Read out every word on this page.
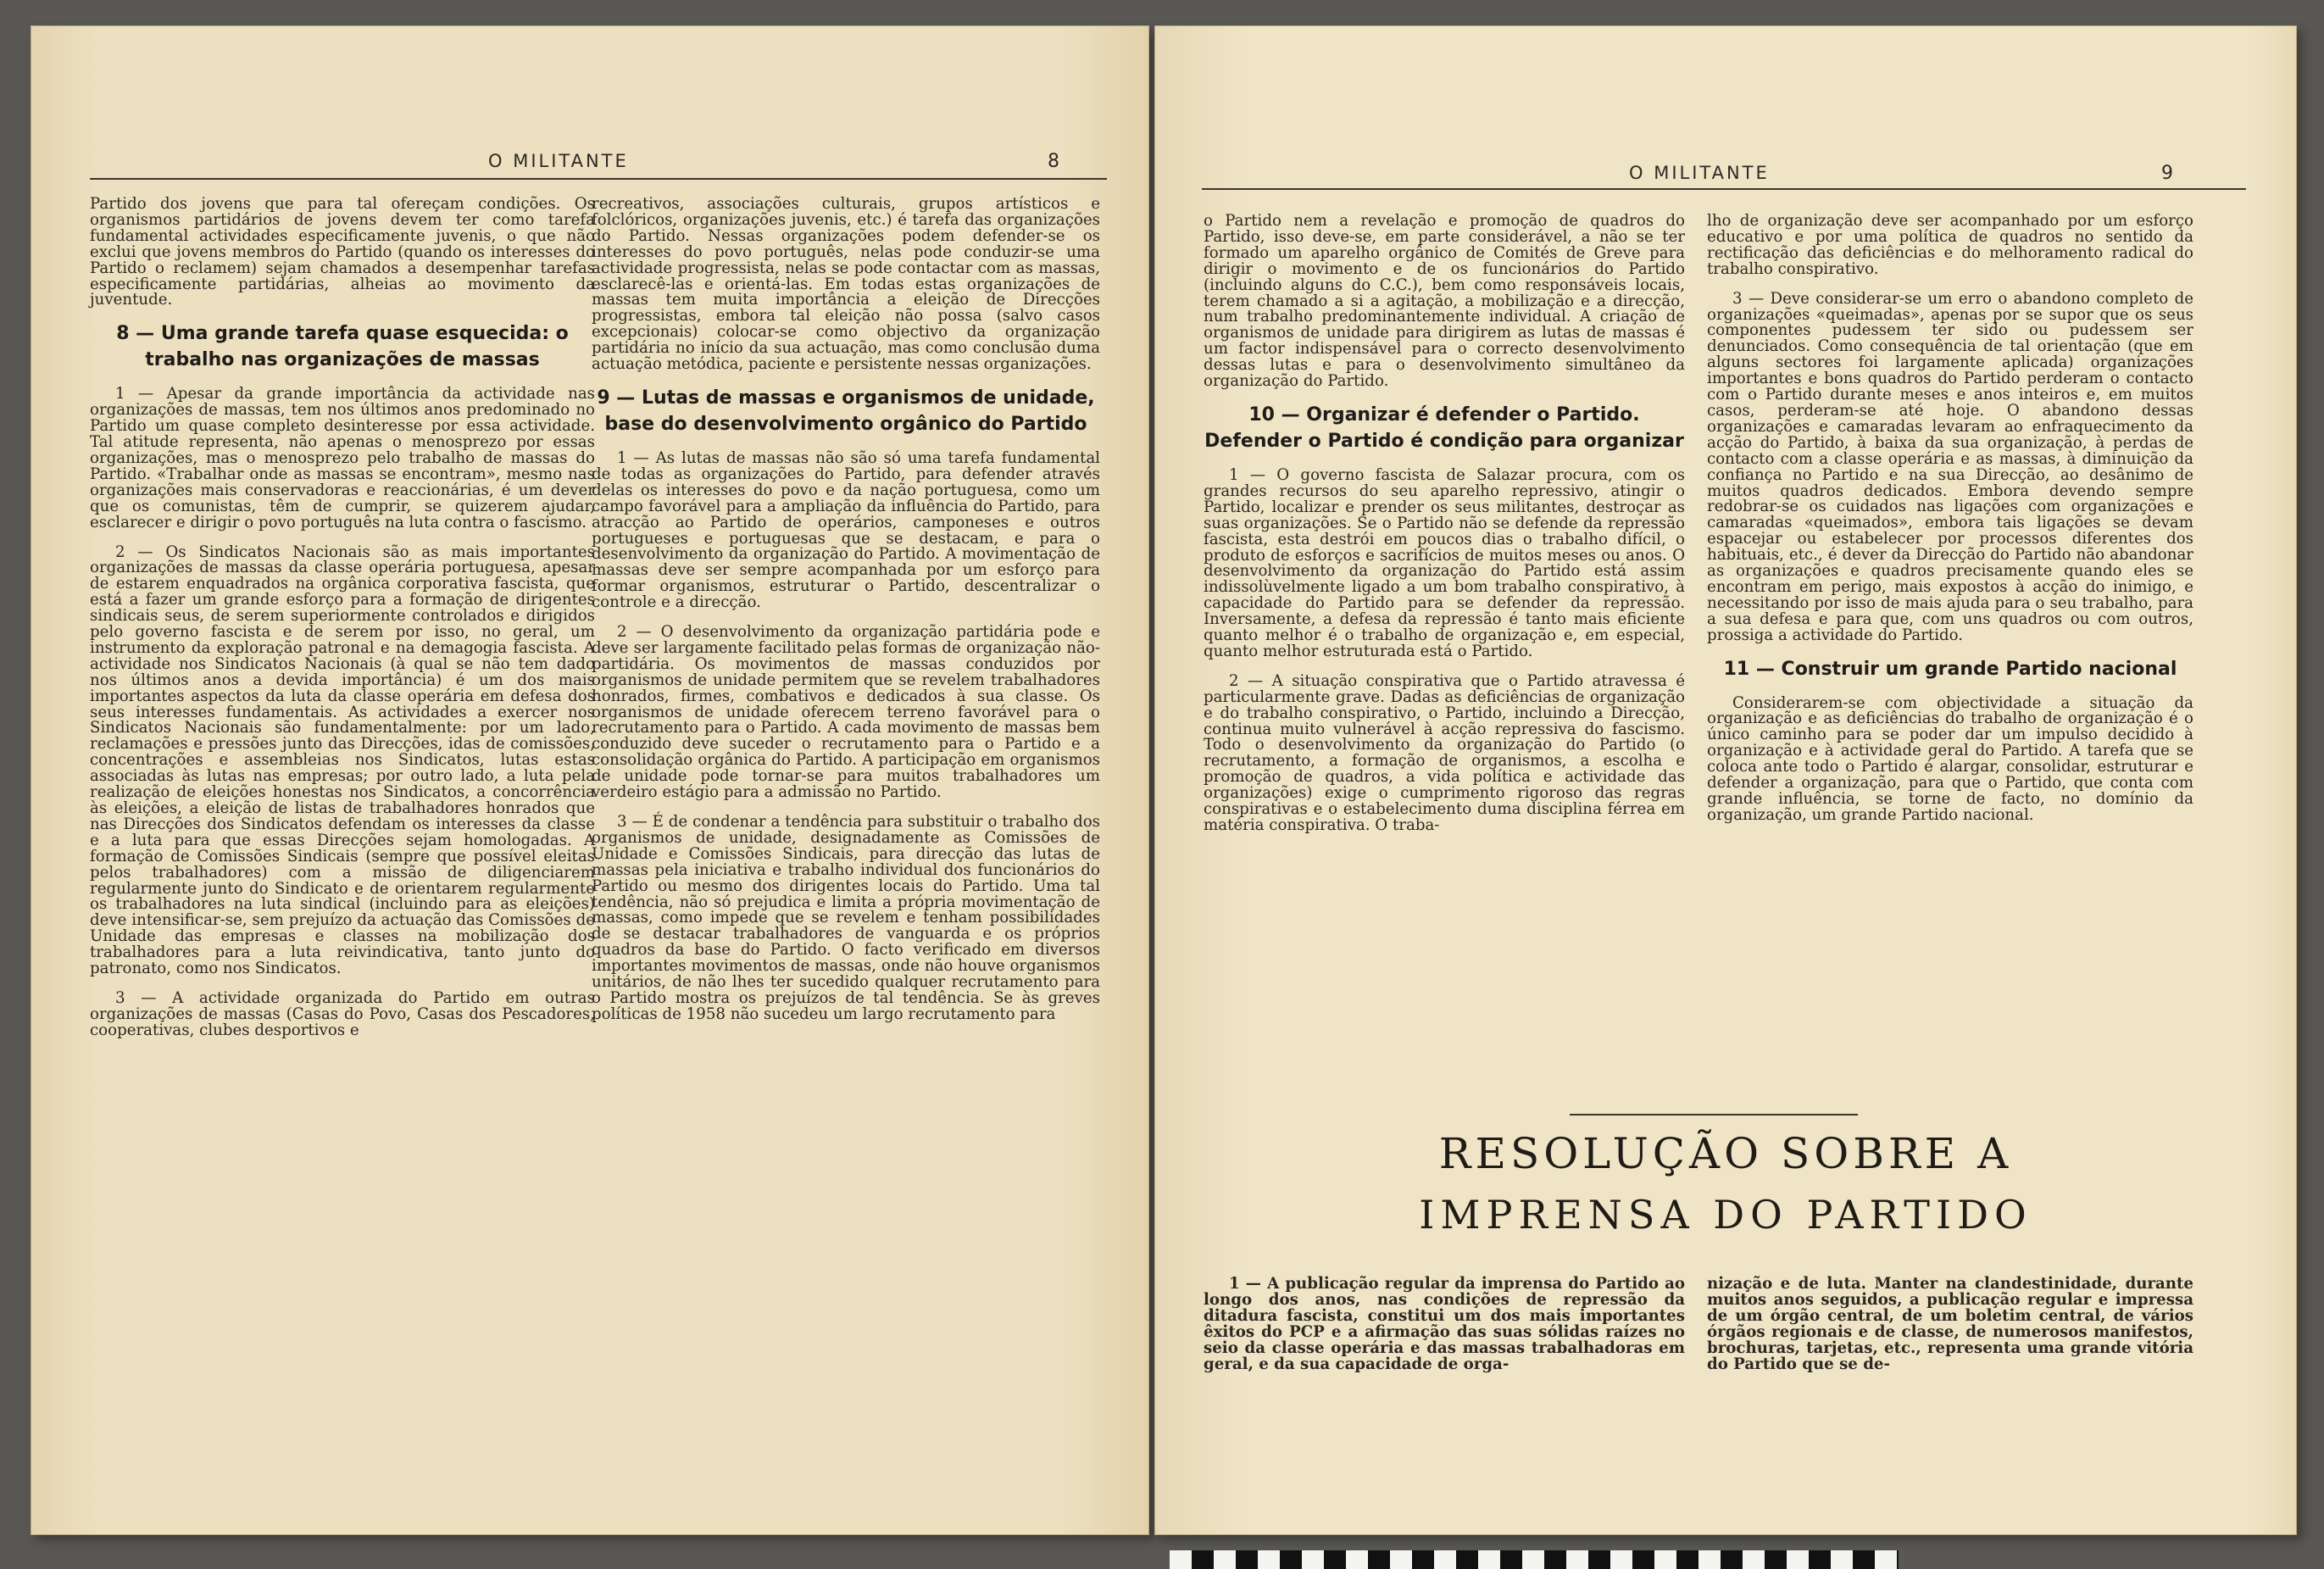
O MILITANTE	8

Partido dos jovens que para tal ofereçam condições. Os organismos partidários de jovens devem ter como tarefa fundamental actividades especificamente juvenis, o que não exclui que jovens membros do Partido (quando os interesses do Partido o reclamem) sejam chamados a desempenhar tarefas especificamente partidárias, alheias ao movimento da juventude.

8 — Uma grande tarefa quase esquecida: o trabalho nas organizações de massas

1 — Apesar da grande importância da actividade nas organizações de massas, tem nos últimos anos predominado no Partido um quase completo desinteresse por essa actividade. Tal atitude representa, não apenas o menosprezo por essas organizações, mas o menosprezo pelo trabalho de massas do Partido. «Trabalhar onde as massas se encontram», mesmo nas organizações mais conservadoras e reaccionárias, é um dever que os comunistas, têm de cumprir, se quizerem ajudar, esclarecer e dirigir o povo português na luta contra o fascismo.

2 — Os Sindicatos Nacionais são as mais importantes organizações de massas da classe operária portuguesa, apesar de estarem enquadrados na orgânica corporativa fascista, que está a fazer um grande esforço para a formação de dirigentes sindicais seus, de serem superiormente controlados e dirigidos pelo governo fascista e de serem por isso, no geral, um instrumento da exploração patronal e na demagogia fascista. A actividade nos Sindicatos Nacionais (à qual se não tem dado nos últimos anos a devida importância) é um dos mais importantes aspectos da luta da classe operária em defesa dos seus interesses fundamentais. As actividades a exercer nos Sindicatos Nacionais são fundamentalmente: por um lado, reclamações e pressões junto das Direcções, idas de comissões, concentrações e assembleias nos Sindicatos, lutas estas associadas às lutas nas empresas; por outro lado, a luta pela realização de eleições honestas nos Sindicatos, a concorrência às eleições, a eleição de listas de trabalhadores honrados que nas Direcções dos Sindicatos defendam os interesses da classe e a luta para que essas Direcções sejam homologadas. A formação de Comissões Sindicais (sempre que possível eleitas pelos trabalhadores) com a missão de diligenciarem regularmente junto do Sindicato e de orientarem regularmente os trabalhadores na luta sindical (incluindo para as eleições) deve intensificar-se, sem prejuízo da actuação das Comissões de Unidade das empresas e classes na mobilização dos trabalhadores para a luta reivindicativa, tanto junto do patronato, como nos Sindicatos.

3 — A actividade organizada do Partido em outras organizações de massas (Casas do Povo, Casas dos Pescadores, cooperativas, clubes desportivos e

recreativos, associações culturais, grupos artísticos e folclóricos, organizações juvenis, etc.) é tarefa das organizações do Partido. Nessas organizações podem defender-se os interesses do povo português, nelas pode conduzir-se uma actividade progressista, nelas se pode contactar com as massas, esclarecê-las e orientá-las. Em todas estas organizações de massas tem muita importância a eleição de Direcções progressistas, embora tal eleição não possa (salvo casos excepcionais) colocar-se como objectivo da organização partidária no início da sua actuação, mas como conclusão duma actuação metódica, paciente e persistente nessas organizações.

9 — Lutas de massas e organismos de unidade, base do desenvolvimento orgânico do Partido

1 — As lutas de massas não são só uma tarefa fundamental de todas as organizações do Partido, para defender através delas os interesses do povo e da nação portuguesa, como um campo favorável para a ampliação da influência do Partido, para atracção ao Partido de operários, camponeses e outros portugueses e portuguesas que se destacam, e para o desenvolvimento da organização do Partido. A movimentação de massas deve ser sempre acompanhada por um esforço para formar organismos, estruturar o Partido, descentralizar o controle e a direcção.

2 — O desenvolvimento da organização partidária pode e deve ser largamente facilitado pelas formas de organização não-partidária. Os movimentos de massas conduzidos por organismos de unidade permitem que se revelem trabalhadores honrados, firmes, combativos e dedicados à sua classe. Os organismos de unidade oferecem terreno favorável para o recrutamento para o Partido. A cada movimento de massas bem conduzido deve suceder o recrutamento para o Partido e a consolidação orgânica do Partido. A participação em organismos de unidade pode tornar-se para muitos trabalhadores um verdeiro estágio para a admissão no Partido.

3 — É de condenar a tendência para substituir o trabalho dos organismos de unidade, designadamente as Comissões de Unidade e Comissões Sindicais, para direcção das lutas de massas pela iniciativa e trabalho individual dos funcionários do Partido ou mesmo dos dirigentes locais do Partido. Uma tal tendência, não só prejudica e limita a própria movimentação de massas, como impede que se revelem e tenham possibilidades de se destacar trabalhadores de vanguarda e os próprios quadros da base do Partido. O facto verificado em diversos importantes movimentos de massas, onde não houve organismos unitários, de não lhes ter sucedido qualquer recrutamento para o Partido mostra os prejuízos de tal tendência. Se às greves políticas de 1958 não sucedeu um largo recrutamento para

O MILITANTE	9

o Partido nem a revelação e promoção de quadros do Partido, isso deve-se, em parte considerável, a não se ter formado um aparelho orgânico de Comités de Greve para dirigir o movimento e de os funcionários do Partido (incluindo alguns do C.C.), bem como responsáveis locais, terem chamado a si a agitação, a mobilização e a direcção, num trabalho predominantemente individual. A criação de organismos de unidade para dirigirem as lutas de massas é um factor indispensável para o correcto desenvolvimento dessas lutas e para o desenvolvimento simultâneo da organização do Partido.

10 — Organizar é defender o Partido. Defender o Partido é condição para organizar

1 — O governo fascista de Salazar procura, com os grandes recursos do seu aparelho repressivo, atingir o Partido, localizar e prender os seus militantes, destroçar as suas organizações. Se o Partido não se defende da repressão fascista, esta destrói em poucos dias o trabalho difícil, o produto de esforços e sacrifícios de muitos meses ou anos. O desenvolvimento da organização do Partido está assim indissolùvelmente ligado a um bom trabalho conspirativo, à capacidade do Partido para se defender da repressão. Inversamente, a defesa da repressão é tanto mais eficiente quanto melhor é o trabalho de organização e, em especial, quanto melhor estruturada está o Partido.

2 — A situação conspirativa que o Partido atravessa é particularmente grave. Dadas as deficiências de organização e do trabalho conspirativo, o Partido, incluindo a Direcção, continua muito vulnerável à acção repressiva do fascismo. Todo o desenvolvimento da organização do Partido (o recrutamento, a formação de organismos, a escolha e promoção de quadros, a vida política e actividade das organizações) exige o cumprimento rigoroso das regras conspirativas e o estabelecimento duma disciplina férrea em matéria conspirativa. O traba-

lho de organização deve ser acompanhado por um esforço educativo e por uma política de quadros no sentido da rectificação das deficiências e do melhoramento radical do trabalho conspirativo.

3 — Deve considerar-se um erro o abandono completo de organizações «queimadas», apenas por se supor que os seus componentes pudessem ter sido ou pudessem ser denunciados. Como consequência de tal orientação (que em alguns sectores foi largamente aplicada) organizações importantes e bons quadros do Partido perderam o contacto com o Partido durante meses e anos inteiros e, em muitos casos, perderam-se até hoje. O abandono dessas organizações e camaradas levaram ao enfraquecimento da acção do Partido, à baixa da sua organização, à perdas de contacto com a classe operária e as massas, à diminuição da confiança no Partido e na sua Direcção, ao desânimo de muitos quadros dedicados. Embora devendo sempre redobrar-se os cuidados nas ligações com organizações e camaradas «queimados», embora tais ligações se devam espacejar ou estabelecer por processos diferentes dos habituais, etc., é dever da Direcção do Partido não abandonar as organizações e quadros precisamente quando eles se encontram em perigo, mais expostos à acção do inimigo, e necessitando por isso de mais ajuda para o seu trabalho, para a sua defesa e para que, com uns quadros ou com outros, prossiga a actividade do Partido.

11 — Construir um grande Partido nacional

Considerarem-se com objectividade a situação da organização e as deficiências do trabalho de organização é o único caminho para se poder dar um impulso decidido à organização e à actividade geral do Partido. A tarefa que se coloca ante todo o Partido é alargar, consolidar, estruturar e defender a organização, para que o Partido, que conta com grande influência, se torne de facto, no domínio da organização, um grande Partido nacional.

RESOLUÇÃO SOBRE A
IMPRENSA DO PARTIDO

1 — A publicação regular da imprensa do Partido ao longo dos anos, nas condições de repressão da ditadura fascista, constitui um dos mais importantes êxitos do PCP e a afirmação das suas sólidas raízes no seio da classe operária e das massas trabalhadoras em geral, e da sua capacidade de orga-

nização e de luta. Manter na clandestinidade, durante muitos anos seguidos, a publicação regular e impressa de um órgão central, de um boletim central, de vários órgãos regionais e de classe, de numerosos manifestos, brochuras, tarjetas, etc., representa uma grande vitória do Partido que se de-
